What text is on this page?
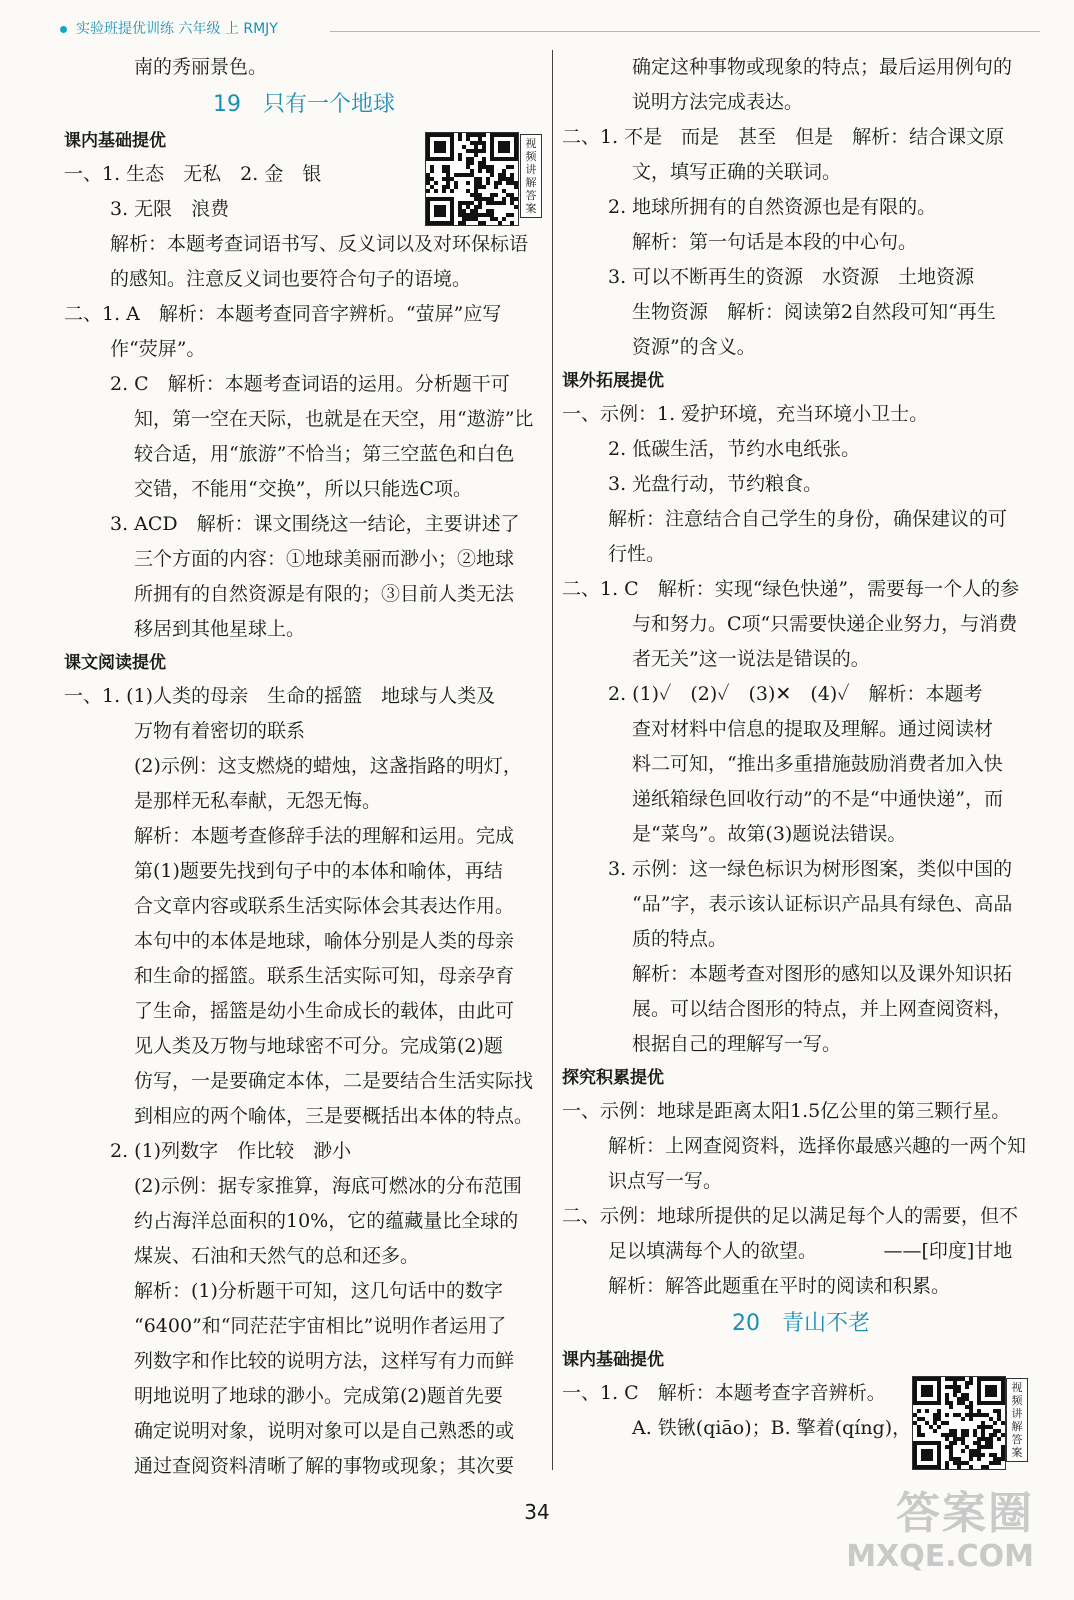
实验班提优训练 六年级 上 RMJY
南的秀丽景色。
19 只有一个地球
课内基础提优
一、1. 生态　无私　2. 金　银
3. 无限　浪费
解析：本题考查词语书写、反义词以及对环保标语
的感知。注意反义词也要符合句子的语境。
二、1. A　解析：本题考查同音字辨析。“萤屏”应写
作“荧屏”。
2. C　解析：本题考查词语的运用。分析题干可
知，第一空在天际，也就是在天空，用“遨游”比
较合适，用“旅游”不恰当；第三空蓝色和白色
交错，不能用“交换”，所以只能选C项。
3. ACD　解析：课文围绕这一结论，主要讲述了
三个方面的内容：①地球美丽而渺小；②地球
所拥有的自然资源是有限的；③目前人类无法
移居到其他星球上。
课文阅读提优
一、1. (1)人类的母亲　生命的摇篮　地球与人类及
万物有着密切的联系
(2)示例：这支燃烧的蜡烛，这盏指路的明灯，
是那样无私奉献，无怨无悔。
解析：本题考查修辞手法的理解和运用。完成
第(1)题要先找到句子中的本体和喻体，再结
合文章内容或联系生活实际体会其表达作用。
本句中的本体是地球，喻体分别是人类的母亲
和生命的摇篮。联系生活实际可知，母亲孕育
了生命，摇篮是幼小生命成长的载体，由此可
见人类及万物与地球密不可分。完成第(2)题
仿写，一是要确定本体，二是要结合生活实际找
到相应的两个喻体，三是要概括出本体的特点。
2. (1)列数字　作比较　渺小
(2)示例：据专家推算，海底可燃冰的分布范围
约占海洋总面积的10%，它的蕴藏量比全球的
煤炭、石油和天然气的总和还多。
解析：(1)分析题干可知，这几句话中的数字
“6400”和“同茫茫宇宙相比”说明作者运用了
列数字和作比较的说明方法，这样写有力而鲜
明地说明了地球的渺小。完成第(2)题首先要
确定说明对象，说明对象可以是自己熟悉的或
通过查阅资料清晰了解的事物或现象；其次要
确定这种事物或现象的特点；最后运用例句的
说明方法完成表达。
二、1. 不是　而是　甚至　但是　解析：结合课文原
文，填写正确的关联词。
2. 地球所拥有的自然资源也是有限的。
解析：第一句话是本段的中心句。
3. 可以不断再生的资源　水资源　土地资源
生物资源　解析：阅读第2自然段可知“再生
资源”的含义。
课外拓展提优
一、示例：1. 爱护环境，充当环境小卫士。
2. 低碳生活，节约水电纸张。
3. 光盘行动，节约粮食。
解析：注意结合自己学生的身份，确保建议的可
行性。
二、1. C　解析：实现“绿色快递”，需要每一个人的参
与和努力。C项“只需要快递企业努力，与消费
者无关”这一说法是错误的。
2. (1)✓　(2)✓　(3)✕　(4)✓　解析：本题考
查对材料中信息的提取及理解。通过阅读材
料二可知，“推出多重措施鼓励消费者加入快
递纸箱绿色回收行动”的不是“中通快递”，而
是“菜鸟”。故第(3)题说法错误。
3. 示例：这一绿色标识为树形图案，类似中国的
“品”字，表示该认证标识产品具有绿色、高品
质的特点。
解析：本题考查对图形的感知以及课外知识拓
展。可以结合图形的特点，并上网查阅资料，
根据自己的理解写一写。
探究积累提优
一、示例：地球是距离太阳1.5亿公里的第三颗行星。
解析：上网查阅资料，选择你最感兴趣的一两个知
识点写一写。
二、示例：地球所提供的足以满足每个人的需要，但不
足以填满每个人的欲望。　　　　——[印度]甘地
解析：解答此题重在平时的阅读和积累。
20 青山不老
课内基础提优
一、1. C　解析：本题考查字音辨析。
A. 铁锹(qiāo)；B. 擎着(qíng)，
视频讲解答案
视频讲解答案
34	答案圈
MXQE.COM
